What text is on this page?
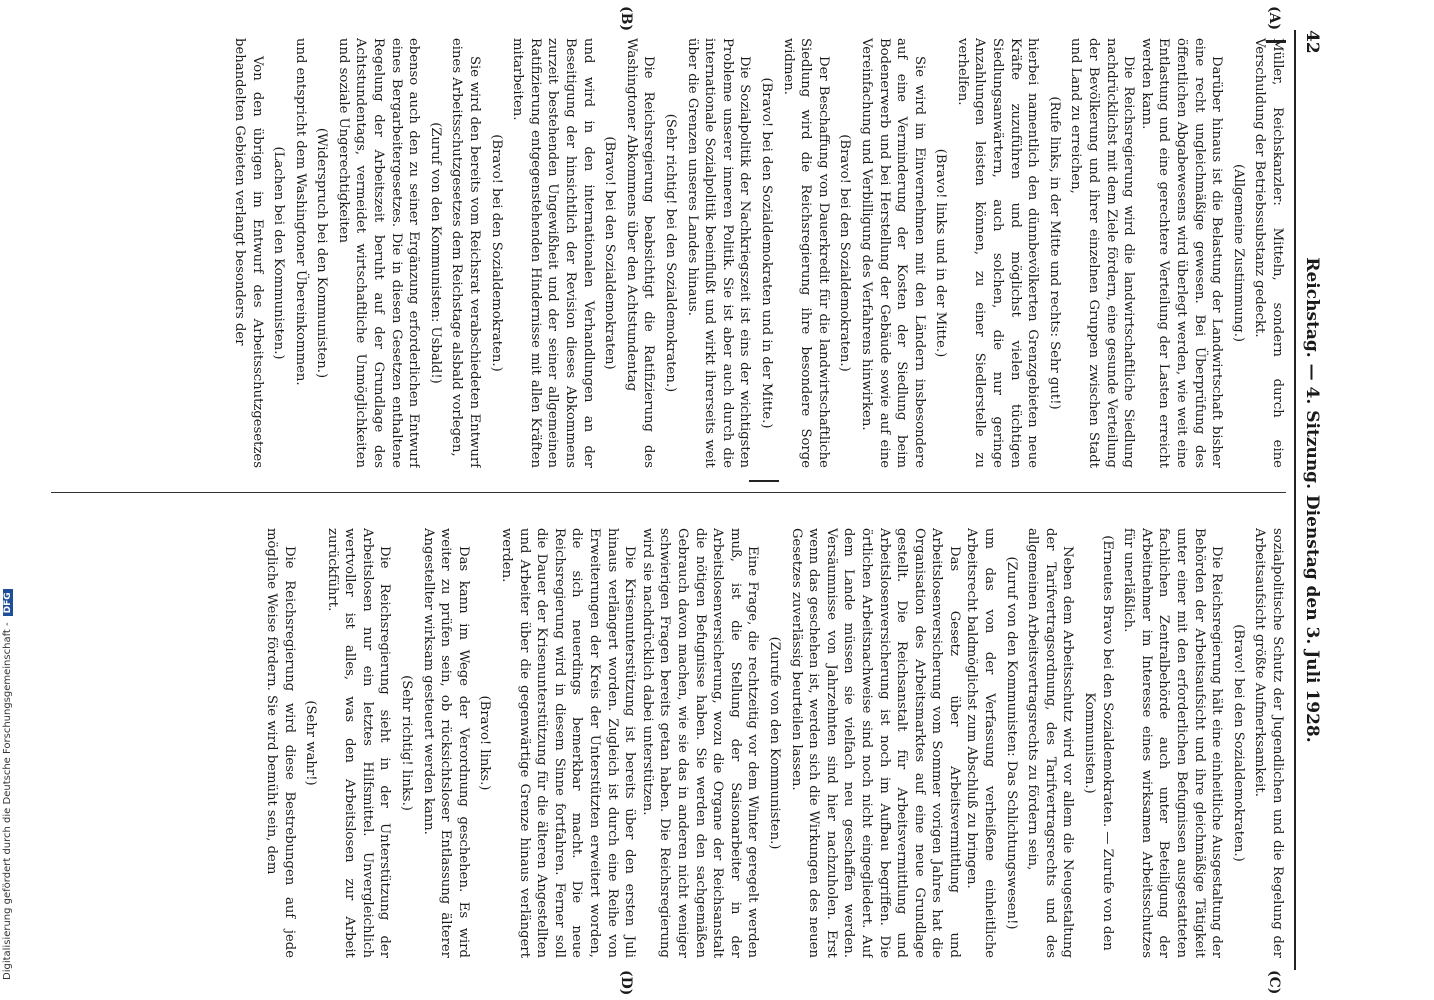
42
Reichstag. — 4. Sitzung. Dienstag den 3. Juli 1928.
(A)
(B)
(C)
(D)

Müller, Reichskanzler: Mitteln, sondern durch eine Verschuldung der Betriebssubstanz gedeckt.

(Allgemeine Zustimmung.)

Darüber hinaus ist die Belastung der Landwirtschaft bisher eine recht ungleichmäßige gewesen. Bei Überprüfung des öffentlichen Abgabewesens wird überlegt werden, wie weit eine Entlastung und eine gerechtere Verteilung der Lasten erreicht werden kann.

Die Reichsregierung wird die landwirtschaftliche Siedlung nachdrücklichst mit dem Ziele fördern, eine gesunde Verteilung der Bevölkerung und ihrer einzelnen Gruppen zwischen Stadt und Land zu erreichen,

(Rufe links, in der Mitte und rechts: Sehr gut!)

hierbei namentlich den dünnbevölkerten Grenzgebieten neue Kräfte zuzuführen und möglichst vielen tüchtigen Siedlungsanwärtern, auch solchen, die nur geringe Anzahlungen leisten können, zu einer Siedlerstelle zu verhelfen.

(Bravo! links und in der Mitte.)

Sie wird im Einvernehmen mit den Ländern insbesondere auf eine Verminderung der Kosten der Siedlung beim Bodenerwerb und bei Herstellung der Gebäude sowie auf eine Vereinfachung und Verbilligung des Verfahrens hinwirken.

(Bravo! bei den Sozialdemokraten.)

Der Beschaffung von Dauerkredit für die landwirtschaftliche Siedlung wird die Reichsregierung ihre besondere Sorge widmen.

(Bravo! bei den Sozialdemokraten und in der Mitte.)

Die Sozialpolitik der Nachkriegszeit ist eins der wichtigsten Probleme unserer inneren Politik. Sie ist aber auch durch die internationale Sozialpolitik beeinflußt und wirkt ihrerseits weit über die Grenzen unseres Landes hinaus.

(Sehr richtig! bei den Sozialdemokraten.)

Die Reichsregierung beabsichtigt die Ratifizierung des Washingtoner Abkommens über den Achtstundentag

(Bravo! bei den Sozialdemokraten)

und wird in den internationalen Verhandlungen an der Beseitigung der hinsichtlich der Revision dieses Abkommens zurzeit bestehenden Ungewißheit und der seiner allgemeinen Ratifizierung entgegenstehenden Hindernisse mit allen Kräften mitarbeiten.

(Bravo! bei den Sozialdemokraten.)

Sie wird den bereits vom Reichsrat verabschiedeten Entwurf eines Arbeitsschutzgesetzes dem Reichstage alsbald vorlegen,

(Zuruf von den Kommunisten: Usbald!)

ebenso auch den zu seiner Ergänzung erforderlichen Entwurf eines Bergarbeitergesetzes. Die in diesen Gesetzen enthaltene Regelung der Arbeitszeit beruht auf der Grundlage des Achtstundentags, vermeidet wirtschaftliche Unmöglichkeiten und soziale Ungerechtigkeiten

(Widerspruch bei den Kommunisten.)

und entspricht dem Washingtoner Übereinkommen.

(Lachen bei den Kommunisten.)

Von den übrigen im Entwurf des Arbeitsschutzgesetzes behandelten Gebieten verlangt besonders der

sozialpolitische Schutz der Jugendlichen und die Regelung der Arbeitsaufsicht größte Aufmerksamkeit.

(Bravo! bei den Sozialdemokraten.)

Die Reichsregierung hält eine einheitliche Ausgestaltung der Behörden der Arbeitsaufsicht und ihre gleichmäßige Tätigkeit unter einer mit den erforderlichen Befugnissen ausgestatteten fachlichen Zentralbehörde auch unter Beteiligung der Arbeitnehmer im Interesse eines wirksamen Arbeitsschutzes für unerläßlich.

(Erneutes Bravo bei den Sozialdemokraten. — Zurufe von den Kommunisten.)

Neben dem Arbeitsschutz wird vor allem die Neugestaltung der Tarifvertragsordnung, des Tarifvertragsrechts und des allgemeinen Arbeitsvertragsrechts zu fördern sein,

(Zuruf von den Kommunisten: Das Schlichtungswesen!)

um das von der Verfassung verheißene einheitliche Arbeitsrecht baldmöglichst zum Abschluß zu bringen.

Das Gesetz über Arbeitsvermittlung und Arbeitslosenversicherung vom Sommer vorigen Jahres hat die Organisation des Arbeitsmarktes auf eine neue Grundlage gestellt. Die Reichsanstalt für Arbeitsvermittlung und Arbeitslosenversicherung ist noch im Aufbau begriffen. Die örtlichen Arbeitsnachweise sind noch nicht eingegliedert. Auf dem Lande müssen sie vielfach neu geschaffen werden. Versäumnisse von Jahrzehnten sind hier nachzuholen. Erst wenn das geschehen ist, werden sich die Wirkungen des neuen Gesetzes zuverlässig beurteilen lassen.

(Zurufe von den Kommunisten.)

Eine Frage, die rechtzeitig vor dem Winter geregelt werden muß, ist die Stellung der Saisonarbeiter in der Arbeitslosenversicherung, wozu die Organe der Reichsanstalt die nötigen Befugnisse haben. Sie werden den sachgemäßen Gebrauch davon machen, wie sie das in anderen nicht weniger schwierigen Fragen bereits getan haben. Die Reichsregierung wird sie nachdrücklich dabei unterstützen.

Die Krisenunterstützung ist bereits über den ersten Juli hinaus verlängert worden. Zugleich ist durch eine Reihe von Erweiterungen der Kreis der Unterstützten erweitert worden, die sich neuerdings bemerkbar macht. Die neue Reichsregierung wird in diesem Sinne fortfahren. Ferner soll die Dauer der Krisenunterstützung für die älteren Angestellten und Arbeiter über die gegenwärtige Grenze hinaus verlängert werden.

(Bravo! links.)

Das kann im Wege der Verordnung geschehen. Es wird weiter zu prüfen sein, ob rücksichtsloser Entlassung älterer Angestellter wirksam gesteuert werden kann.

(Sehr richtig! links.)

Die Reichsregierung sieht in der Unterstützung der Arbeitslosen nur ein letztes Hilfsmittel. Unvergleichlich wertvoller ist alles, was den Arbeitslosen zur Arbeit zurückführt.

(Sehr wahr!)

Die Reichsregierung wird diese Bestrebungen auf jede mögliche Weise fördern. Sie wird bemüht sein, dem

Digitalisierung gefördert durch die Deutsche Forschungsgemeinschaft -DFG
